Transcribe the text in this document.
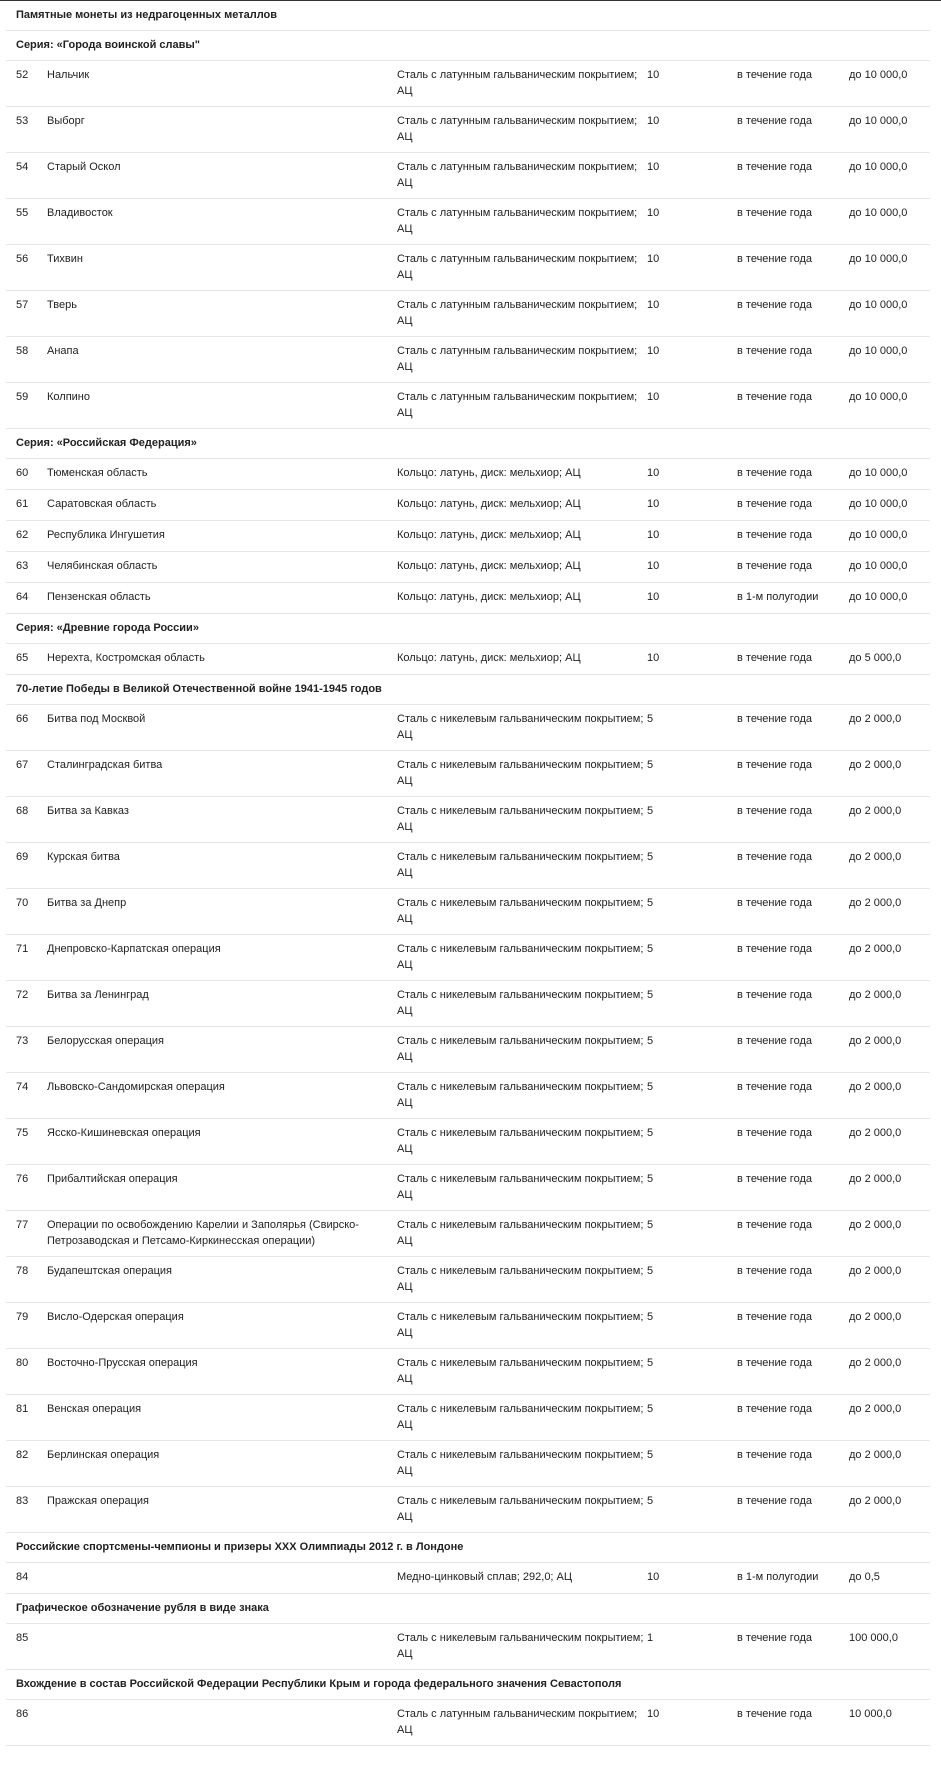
Памятные монеты из недрагоценных металлов					
Серия: «Города воинской славы"					
52	Нальчик	Сталь с латунным гальваническим покрытием; АЦ	10	в течение года	до 10 000,0
53	Выборг	Сталь с латунным гальваническим покрытием; АЦ	10	в течение года	до 10 000,0
54	Старый Оскол	Сталь с латунным гальваническим покрытием; АЦ	10	в течение года	до 10 000,0
55	Владивосток	Сталь с латунным гальваническим покрытием; АЦ	10	в течение года	до 10 000,0
56	Тихвин	Сталь с латунным гальваническим покрытием; АЦ	10	в течение года	до 10 000,0
57	Тверь	Сталь с латунным гальваническим покрытием; АЦ	10	в течение года	до 10 000,0
58	Анапа	Сталь с латунным гальваническим покрытием; АЦ	10	в течение года	до 10 000,0
59	Колпино	Сталь с латунным гальваническим покрытием; АЦ	10	в течение года	до 10 000,0
Серия: «Российская Федерация»					
60	Тюменская область	Кольцо: латунь, диск: мельхиор; АЦ	10	в течение года	до 10 000,0
61	Саратовская область	Кольцо: латунь, диск: мельхиор; АЦ	10	в течение года	до 10 000,0
62	Республика Ингушетия	Кольцо: латунь, диск: мельхиор; АЦ	10	в течение года	до 10 000,0
63	Челябинская область	Кольцо: латунь, диск: мельхиор; АЦ	10	в течение года	до 10 000,0
64	Пензенская область	Кольцо: латунь, диск: мельхиор; АЦ	10	в 1-м полугодии	до 10 000,0
Серия: «Древние города России»					
65	Нерехта, Костромская область	Кольцо: латунь, диск: мельхиор; АЦ	10	в течение года	до 5 000,0
70-летие Победы в Великой Отечественной войне 1941-1945 годов					
66	Битва под Москвой	Сталь с никелевым гальваническим покрытием; АЦ	5	в течение года	до 2 000,0
67	Сталинградская битва	Сталь с никелевым гальваническим покрытием; АЦ	5	в течение года	до 2 000,0
68	Битва за Кавказ	Сталь с никелевым гальваническим покрытием; АЦ	5	в течение года	до 2 000,0
69	Курская битва	Сталь с никелевым гальваническим покрытием; АЦ	5	в течение года	до 2 000,0
70	Битва за Днепр	Сталь с никелевым гальваническим покрытием; АЦ	5	в течение года	до 2 000,0
71	Днепровско-Карпатская операция	Сталь с никелевым гальваническим покрытием; АЦ	5	в течение года	до 2 000,0
72	Битва за Ленинград	Сталь с никелевым гальваническим покрытием; АЦ	5	в течение года	до 2 000,0
73	Белорусская операция	Сталь с никелевым гальваническим покрытием; АЦ	5	в течение года	до 2 000,0
74	Львовско-Сандомирская операция	Сталь с никелевым гальваническим покрытием; АЦ	5	в течение года	до 2 000,0
75	Ясско-Кишиневская операция	Сталь с никелевым гальваническим покрытием; АЦ	5	в течение года	до 2 000,0
76	Прибалтийская операция	Сталь с никелевым гальваническим покрытием; АЦ	5	в течение года	до 2 000,0
77	Операции по освобождению Карелии и Заполярья (Свирско-Петрозаводская и Петсамо-Киркинесская операции)	Сталь с никелевым гальваническим покрытием; АЦ	5	в течение года	до 2 000,0
78	Будапештская операция	Сталь с никелевым гальваническим покрытием; АЦ	5	в течение года	до 2 000,0
79	Висло-Одерская операция	Сталь с никелевым гальваническим покрытием; АЦ	5	в течение года	до 2 000,0
80	Восточно-Прусская операция	Сталь с никелевым гальваническим покрытием; АЦ	5	в течение года	до 2 000,0
81	Венская операция	Сталь с никелевым гальваническим покрытием; АЦ	5	в течение года	до 2 000,0
82	Берлинская операция	Сталь с никелевым гальваническим покрытием; АЦ	5	в течение года	до 2 000,0
83	Пражская операция	Сталь с никелевым гальваническим покрытием; АЦ	5	в течение года	до 2 000,0
Российские спортсмены-чемпионы и призеры XXX Олимпиады 2012 г. в Лондоне					
84		Медно-цинковый сплав; 292,0; АЦ	10	в 1-м полугодии	до 0,5
Графическое обозначение рубля в виде знака					
85		Сталь с никелевым гальваническим покрытием; АЦ	1	в течение года	100 000,0
Вхождение в состав Российской Федерации Республики Крым и города федерального значения Севастополя					
86		Сталь с латунным гальваническим покрытием; АЦ	10	в течение года	10 000,0
